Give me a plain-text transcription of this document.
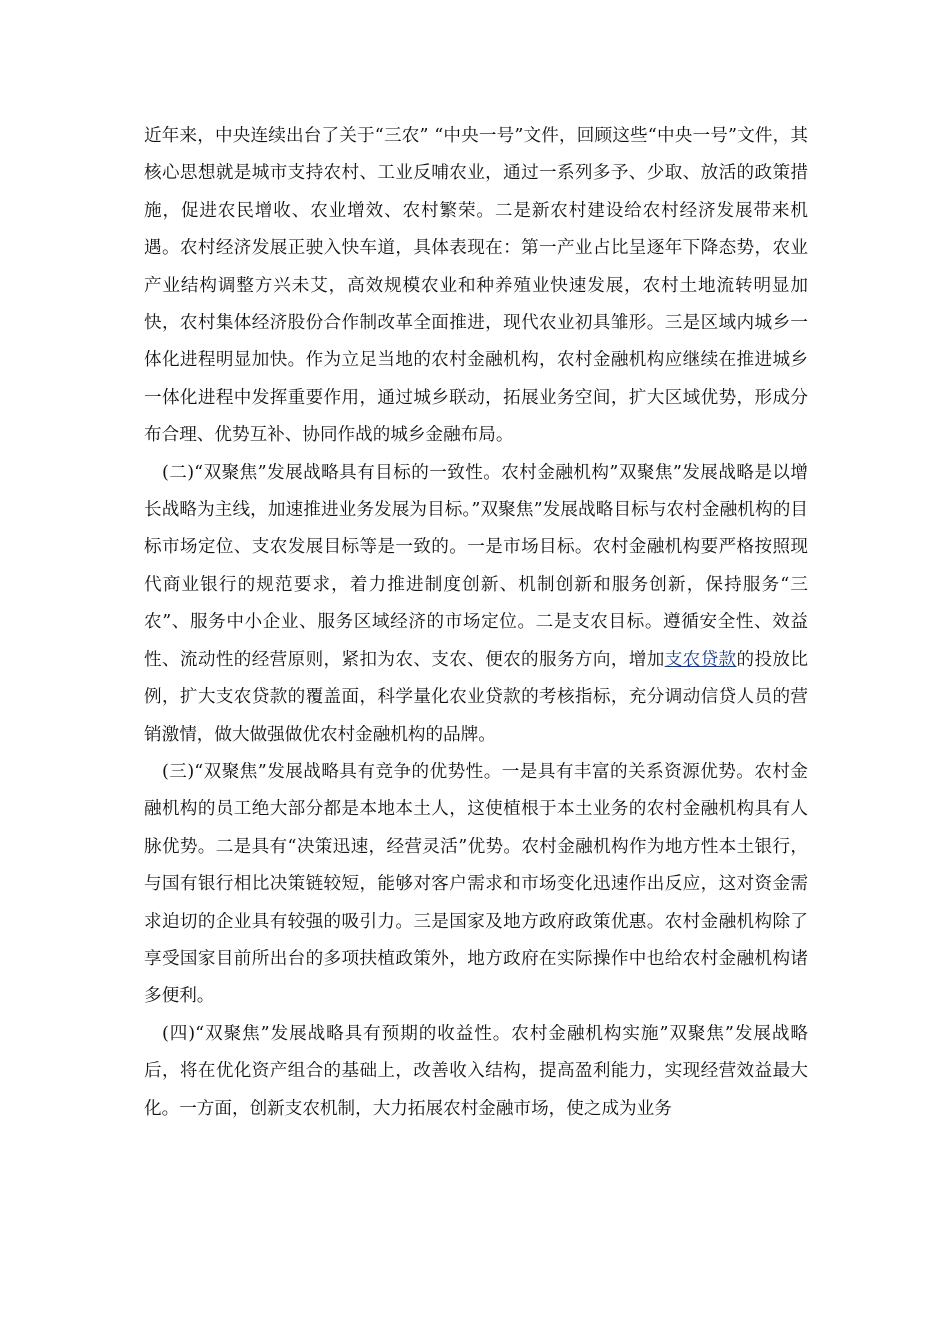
近年来，中央连续出台了关于“三农” “中央一号”文件，回顾这些“中央一号”文件，其核心思想就是城市支持农村、工业反哺农业，通过一系列多予、少取、放活的政策措施，促进农民增收、农业增效、农村繁荣。二是新农村建设给农村经济发展带来机遇。农村经济发展正驶入快车道，具体表现在：第一产业占比呈逐年下降态势，农业产业结构调整方兴未艾，高效规模农业和种养殖业快速发展，农村土地流转明显加快，农村集体经济股份合作制改革全面推进，现代农业初具雏形。三是区域内城乡一体化进程明显加快。作为立足当地的农村金融机构，农村金融机构应继续在推进城乡一体化进程中发挥重要作用，通过城乡联动，拓展业务空间，扩大区域优势，形成分布合理、优势互补、协同作战的城乡金融布局。

(二)“双聚焦”发展战略具有目标的一致性。农村金融机构”双聚焦”发展战略是以增长战略为主线，加速推进业务发展为目标。”双聚焦”发展战略目标与农村金融机构的目标市场定位、支农发展目标等是一致的。一是市场目标。农村金融机构要严格按照现代商业银行的规范要求，着力推进制度创新、机制创新和服务创新，保持服务“三农”、服务中小企业、服务区域经济的市场定位。二是支农目标。遵循安全性、效益性、流动性的经营原则，紧扣为农、支农、便农的服务方向，增加支农贷款的投放比例，扩大支农贷款的覆盖面，科学量化农业贷款的考核指标，充分调动信贷人员的营销激情，做大做强做优农村金融机构的品牌。

(三)“双聚焦”发展战略具有竞争的优势性。一是具有丰富的关系资源优势。农村金融机构的员工绝大部分都是本地本土人，这使植根于本土业务的农村金融机构具有人脉优势。二是具有“决策迅速，经营灵活”优势。农村金融机构作为地方性本土银行，与国有银行相比决策链较短，能够对客户需求和市场变化迅速作出反应，这对资金需求迫切的企业具有较强的吸引力。三是国家及地方政府政策优惠。农村金融机构除了享受国家目前所出台的多项扶植政策外，地方政府在实际操作中也给农村金融机构诸多便利。

(四)“双聚焦”发展战略具有预期的收益性。农村金融机构实施”双聚焦”发展战略后，将在优化资产组合的基础上，改善收入结构，提高盈利能力，实现经营效益最大化。一方面，创新支农机制，大力拓展农村金融市场，使之成为业务
